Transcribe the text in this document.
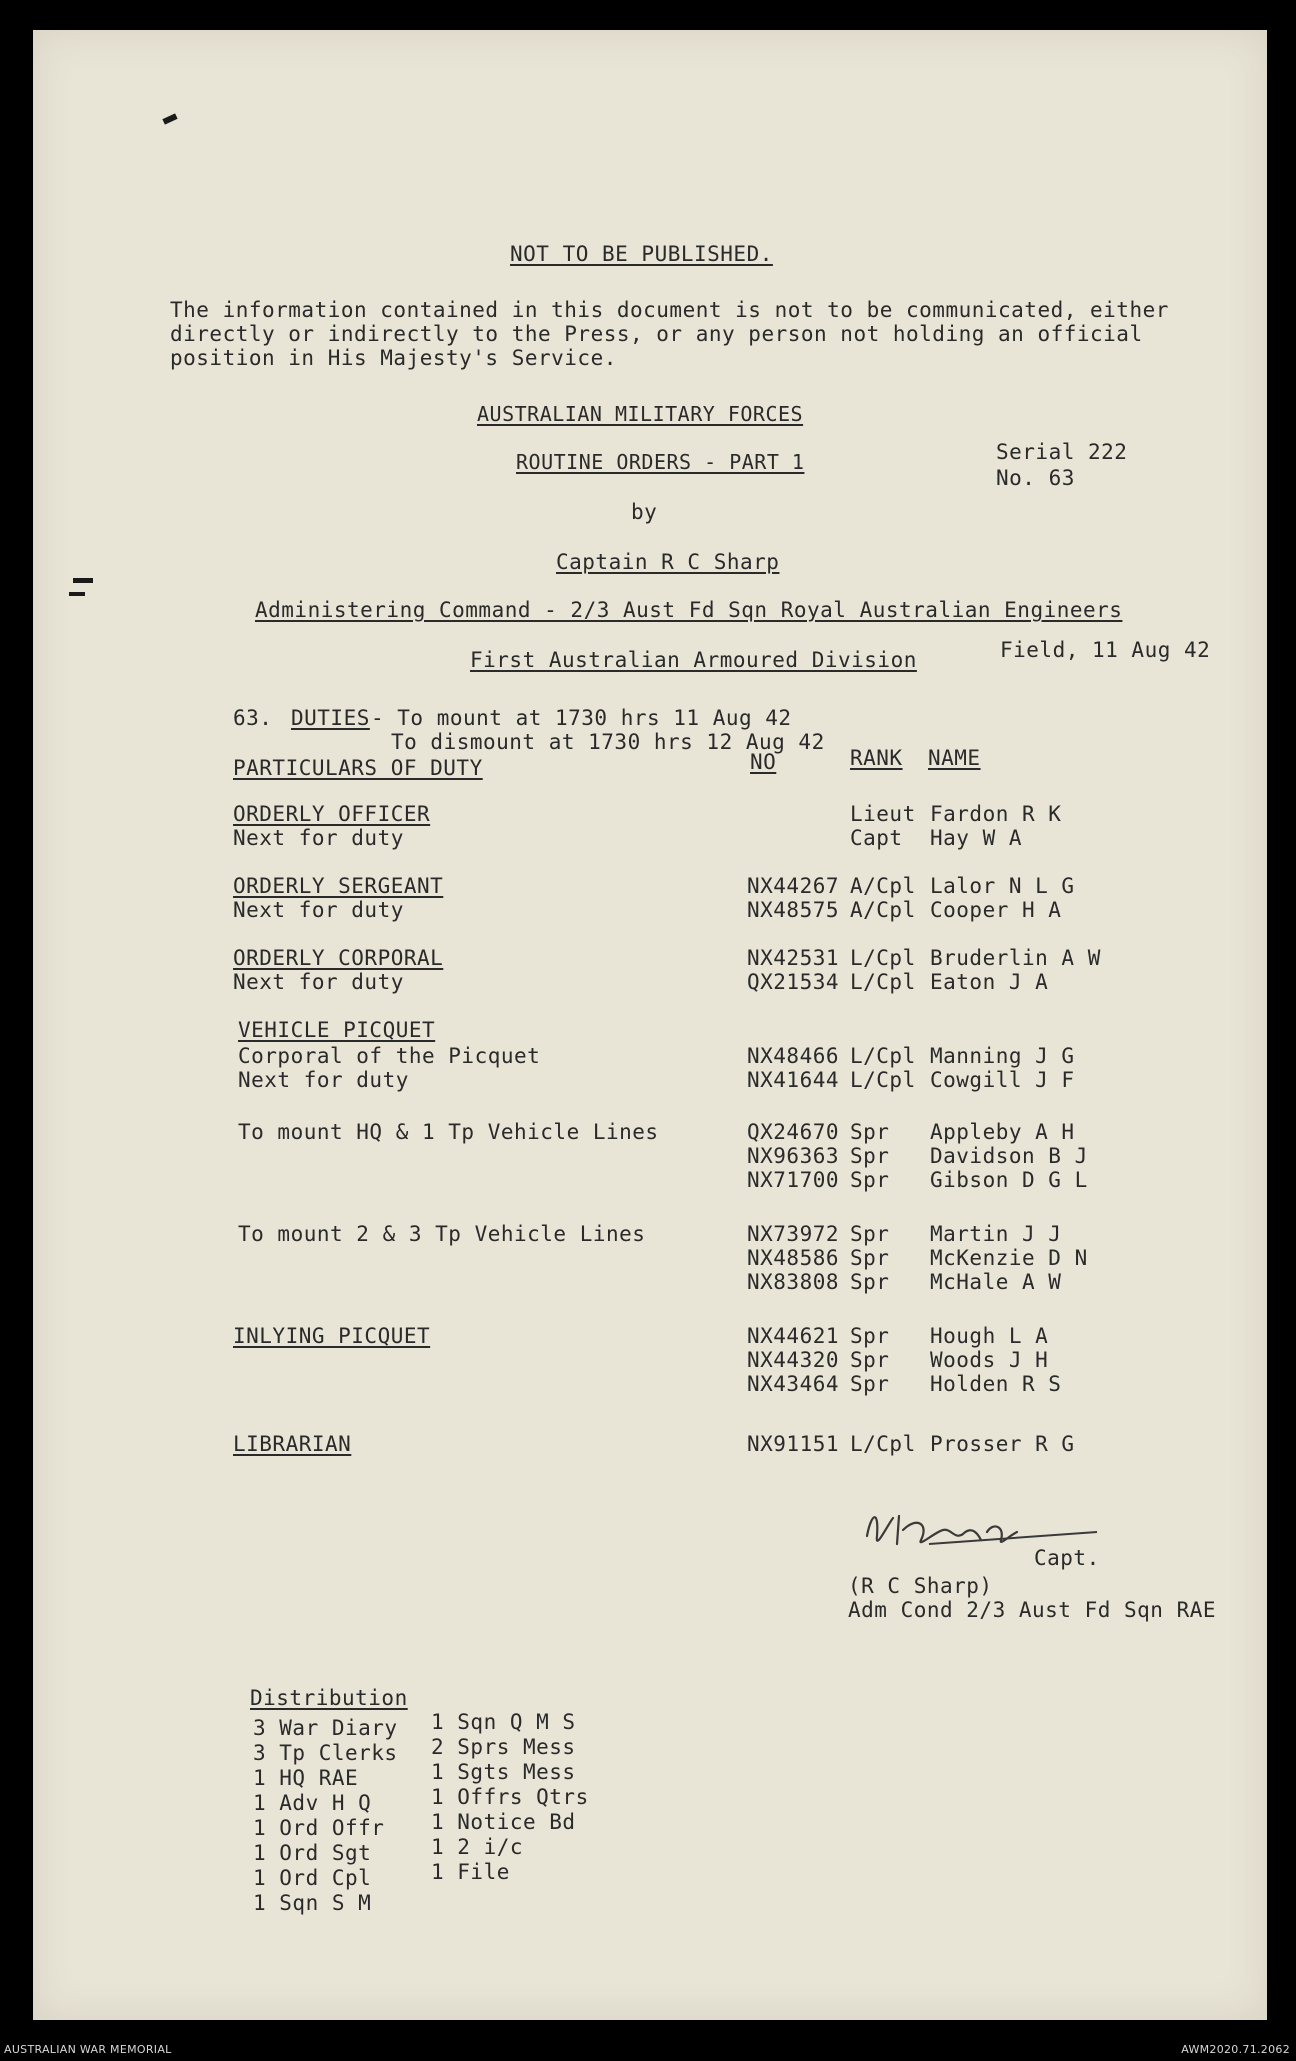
NOT TO BE PUBLISHED.
The information contained in this document is not to be communicated, either
directly or indirectly to the Press, or any person not holding an official
position in His Majesty's Service.
AUSTRALIAN MILITARY FORCES
ROUTINE ORDERS - PART 1	Serial 222
No. 63
by
Captain R C Sharp
Administering Command - 2/3 Aust Fd Sqn Royal Australian Engineers
First Australian Armoured Division	Field, 11 Aug 42
63. DUTIES - To mount at 1730 hrs 11 Aug 42
To dismount at 1730 hrs 12 Aug 42
PARTICULARS OF DUTY	NO	RANK NAME
ORDERLY OFFICER	Lieut Fardon R K
Next for duty	Capt Hay W A
ORDERLY SERGEANT	NX44267 A/Cpl Lalor N L G
Next for duty	NX48575 A/Cpl Cooper H A
ORDERLY CORPORAL	NX42531 L/Cpl Bruderlin A W
Next for duty	QX21534 L/Cpl Eaton J A
VEHICLE PICQUET
Corporal of the Picquet	NX48466 L/Cpl Manning J G
Next for duty	NX41644 L/Cpl Cowgill J F
To mount HQ & 1 Tp Vehicle Lines	QX24670 Spr Appleby A H
NX96363 Spr Davidson B J
NX71700 Spr Gibson D G L
To mount 2 & 3 Tp Vehicle Lines	NX73972 Spr Martin J J
NX48586 Spr McKenzie D N
NX83808 Spr McHale A W
INLYING PICQUET	NX44621 Spr Hough L A
NX44320 Spr Woods J H
NX43464 Spr Holden R S
LIBRARIAN	NX91151 L/Cpl Prosser R G
Capt.
(R C Sharp)
Adm Cond 2/3 Aust Fd Sqn RAE
Distribution
3 War Diary
3 Tp Clerks
1 HQ RAE
1 Adv H Q
1 Ord Offr
1 Ord Sgt
1 Ord Cpl
1 Sqn S M
1 Sqn Q M S
2 Sprs Mess
1 Sgts Mess
1 Offrs Qtrs
1 Notice Bd
1 2 i/c
1 File
AUSTRALIAN WAR MEMORIAL	AWM2020.71.2062
